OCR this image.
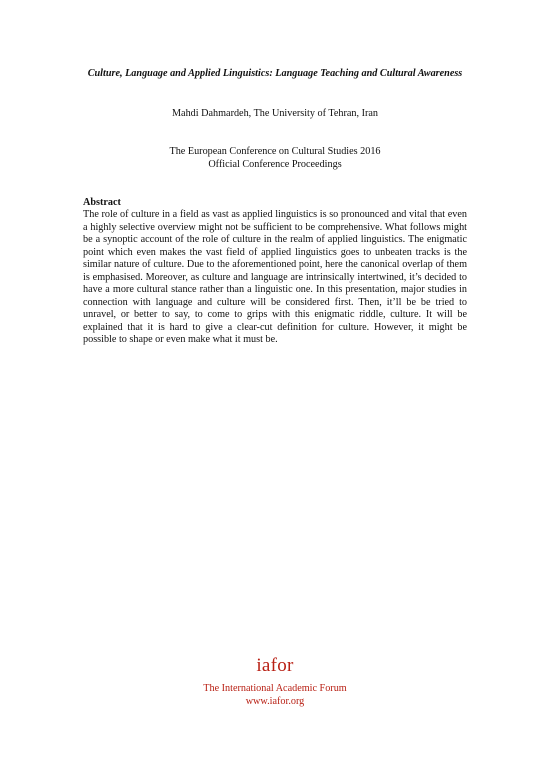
Culture, Language and Applied Linguistics: Language Teaching and Cultural Awareness
Mahdi Dahmardeh, The University of Tehran, Iran
The European Conference on Cultural Studies 2016
Official Conference Proceedings
Abstract

The role of culture in a field as vast as applied linguistics is so pronounced and vital that even a highly selective overview might not be sufficient to be comprehensive. What follows might be a synoptic account of the role of culture in the realm of applied linguistics. The enigmatic point which even makes the vast field of applied linguistics goes to unbeaten tracks is the similar nature of culture. Due to the aforementioned point, here the canonical overlap of them is emphasised. Moreover, as culture and language are intrinsically intertwined, it’s decided to have a more cultural stance rather than a linguistic one. In this presentation, major studies in connection with language and culture will be considered first. Then, it’ll be be tried to unravel, or better to say, to come to grips with this enigmatic riddle, culture. It will be explained that it is hard to give a clear-cut definition for culture. However, it might be possible to shape or even make what it must be.

iafor
The International Academic Forum
www.iafor.org
